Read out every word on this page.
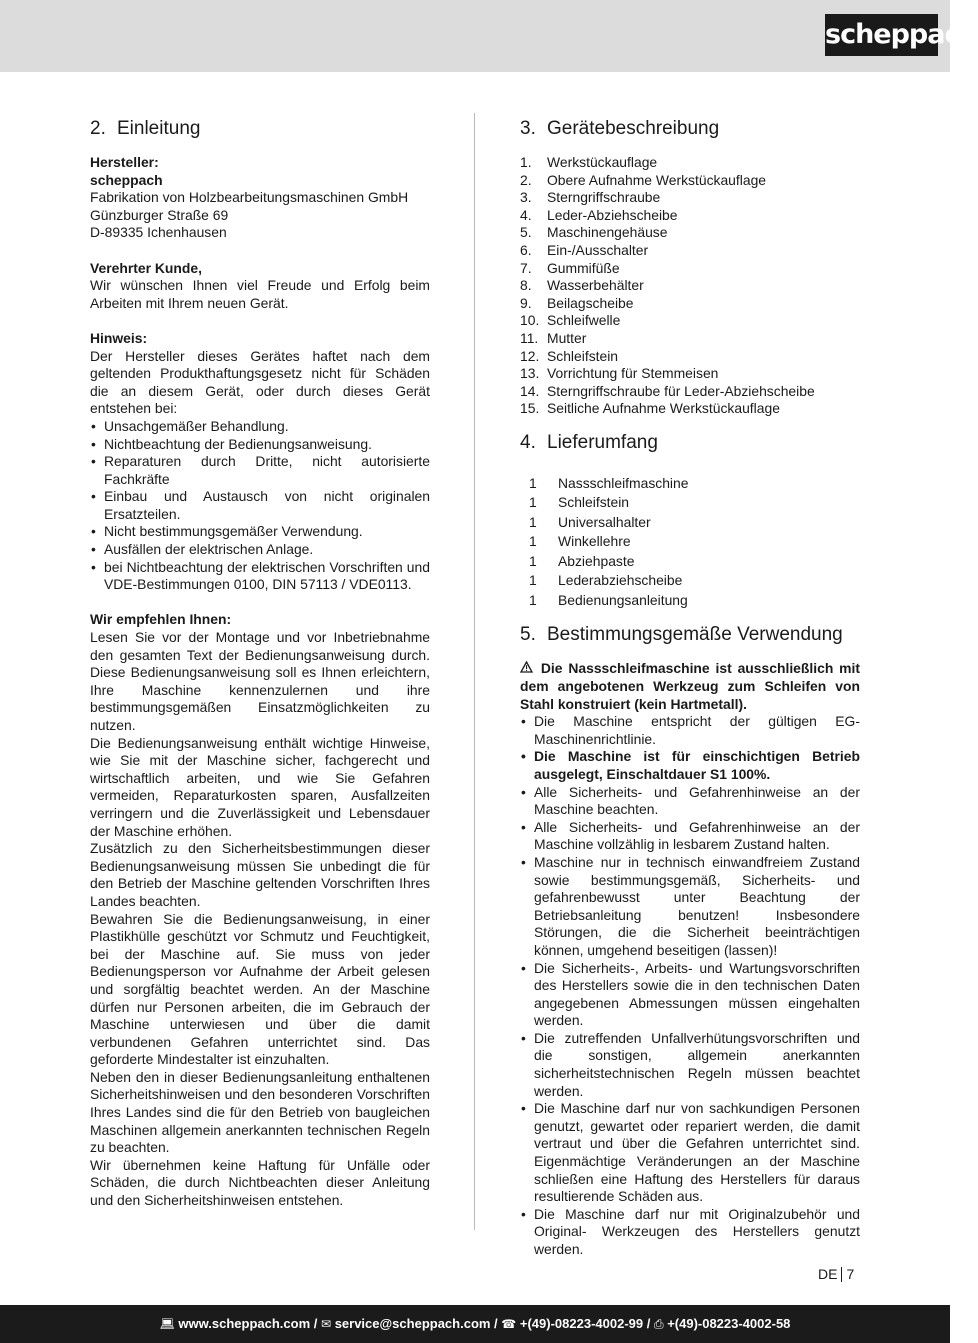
scheppach
2. Einleitung
Hersteller:
scheppach
Fabrikation von Holzbearbeitungsmaschinen GmbH
Günzburger Straße 69
D-89335 Ichenhausen
Verehrter Kunde,
Wir wünschen Ihnen viel Freude und Erfolg beim Arbeiten mit Ihrem neuen Gerät.
Hinweis:
Der Hersteller dieses Gerätes haftet nach dem geltenden Produkthaftungsgesetz nicht für Schäden die an diesem Gerät, oder durch dieses Gerät entstehen bei:
• Unsachgemäßer Behandlung.
• Nichtbeachtung der Bedienungsanweisung.
• Reparaturen durch Dritte, nicht autorisierte Fachkräfte
• Einbau und Austausch von nicht originalen Ersatzteilen.
• Nicht bestimmungsgemäßer Verwendung.
• Ausfällen der elektrischen Anlage.
• bei Nichtbeachtung der elektrischen Vorschriften und VDE-Bestimmungen 0100, DIN 57113 / VDE0113.
Wir empfehlen Ihnen:
Lesen Sie vor der Montage und vor Inbetriebnahme den gesamten Text der Bedienungsanweisung durch. Diese Bedienungsanweisung soll es Ihnen erleichtern, Ihre Maschine kennenzulernen und ihre bestimmungsgemäßen Einsatzmöglichkeiten zu nutzen.
Die Bedienungsanweisung enthält wichtige Hinweise, wie Sie mit der Maschine sicher, fachgerecht und wirtschaftlich arbeiten, und wie Sie Gefahren vermeiden, Reparaturkosten sparen, Ausfallzeiten verringern und die Zuverlässigkeit und Lebensdauer der Maschine erhöhen.
Zusätzlich zu den Sicherheitsbestimmungen dieser Bedienungsanweisung müssen Sie unbedingt die für den Betrieb der Maschine geltenden Vorschriften Ihres Landes beachten.
Bewahren Sie die Bedienungsanweisung, in einer Plastikhülle geschützt vor Schmutz und Feuchtigkeit, bei der Maschine auf. Sie muss von jeder Bedienungsperson vor Aufnahme der Arbeit gelesen und sorgfältig beachtet werden. An der Maschine dürfen nur Personen arbeiten, die im Gebrauch der Maschine unterwiesen und über die damit verbundenen Gefahren unterrichtet sind. Das geforderte Mindestalter ist einzuhalten.
Neben den in dieser Bedienungsanleitung enthaltenen Sicherheitshinweisen und den besonderen Vorschriften Ihres Landes sind die für den Betrieb von baugleichen Maschinen allgemein anerkannten technischen Regeln zu beachten.
Wir übernehmen keine Haftung für Unfälle oder Schäden, die durch Nichtbeachten dieser Anleitung und den Sicherheitshinweisen entstehen.
3. Gerätebeschreibung
1. Werkstückauflage
2. Obere Aufnahme Werkstückauflage
3. Sterngriffschraube
4. Leder-Abziehscheibe
5. Maschinengehäuse
6. Ein-/Ausschalter
7. Gummifüße
8. Wasserbehälter
9. Beilagscheibe
10. Schleifwelle
11. Mutter
12. Schleifstein
13. Vorrichtung für Stemmeisen
14. Sterngriffschraube für Leder-Abziehscheibe
15. Seitliche Aufnahme Werkstückauflage
4. Lieferumfang
1 Nassschleifmaschine
1 Schleifstein
1 Universalhalter
1 Winkellehre
1 Abziehpaste
1 Lederabziehscheibe
1 Bedienungsanleitung
5. Bestimmungsgemäße Verwendung
Die Nassschleifmaschine ist ausschließlich mit dem angebotenen Werkzeug zum Schleifen von Stahl konstruiert (kein Hartmetall).
• Die Maschine entspricht der gültigen EG-Maschinenrichtlinie.
• Die Maschine ist für einschichtigen Betrieb ausgelegt, Einschaltdauer S1 100%.
• Alle Sicherheits- und Gefahrenhinweise an der Maschine beachten.
• Alle Sicherheits- und Gefahrenhinweise an der Maschine vollzählig in lesbarem Zustand halten.
• Maschine nur in technisch einwandfreiem Zustand sowie bestimmungsgemäß, Sicherheits- und gefahrenbewusst unter Beachtung der Betriebsanleitung benutzen! Insbesondere Störungen, die die Sicherheit beeinträchtigen können, umgehend beseitigen (lassen)!
• Die Sicherheits-, Arbeits- und Wartungsvorschriften des Herstellers sowie die in den technischen Daten angegebenen Abmessungen müssen eingehalten werden.
• Die zutreffenden Unfallverhütungsvorschriften und die sonstigen, allgemein anerkannten sicherheitstechnischen Regeln müssen beachtet werden.
• Die Maschine darf nur von sachkundigen Personen genutzt, gewartet oder repariert werden, die damit vertraut und über die Gefahren unterrichtet sind. Eigenmächtige Veränderungen an der Maschine schließen eine Haftung des Herstellers für daraus resultierende Schäden aus.
• Die Maschine darf nur mit Originalzubehör und Original- Werkzeugen des Herstellers genutzt werden.
DE 7
💻︎ www.scheppach.com / ✉ service@scheppach.com / ☎ +(49)-08223-4002-99 / ⎙ +(49)-08223-4002-58
